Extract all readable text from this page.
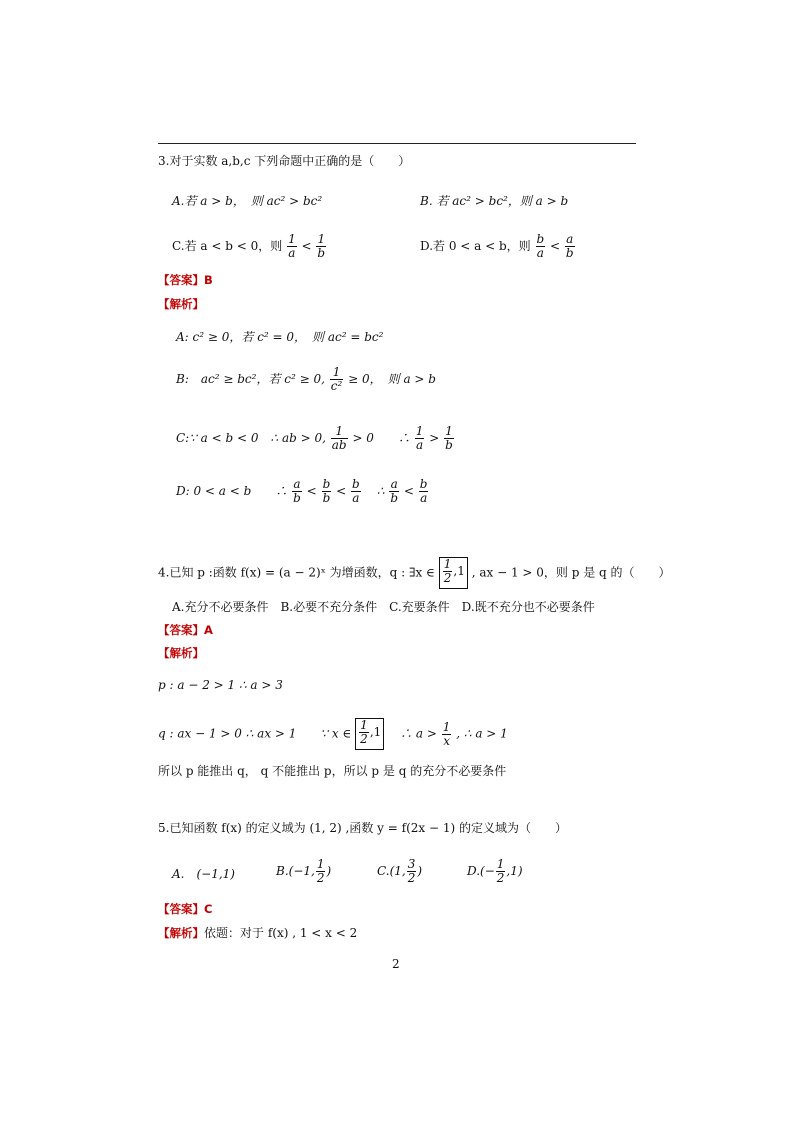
3.对于实数 a,b,c 下列命题中正确的是（　　）
A.若 a > b，　则 ac² > bc²	B. 若 ac² > bc²，则 a > b
C.若 a < b < 0，则 $\frac{1}{a} < \frac{1}{b}$	D.若 0 < a < b，则 $\frac{b}{a} < \frac{a}{b}$
【答案】B
【解析】
A: c² ≥ 0，若 c² = 0，　则 ac² = bc²
B:　ac² ≥ bc²，若 c² ≥ 0, $\frac{1}{\text{c²}} \ge 0$，　则 a > b
C:∵ a < b < 0　∴ ab > 0, $\frac{1}{ab} > 0$　　∴ $\frac{1}{a} > \frac{1}{b}$
D: 0 < a < b　　∴ $\frac{a}{b} < \frac{b}{b} < \frac{b}{a}$ ∴ $\frac{a}{b} < \frac{b}{a}$
4.已知 p :函数 f(x) = (a − 2)ˣ 为增函数，q : ∃x ∈ $\frac{1}{2} ,1$ , ax − 1 > 0，则 p 是 q 的（　　）
A.充分不必要条件　B.必要不充分条件　C.充要条件　D.既不充分也不必要条件
【答案】A
【解析】
p : a − 2 > 1 ∴ a > 3
q : ax − 1 > 0 ∴ ax > 1　　∵ x ∈ $\frac{1}{2} ,1$ 　∴ $a > \frac{1}{x}$ , ∴ a > 1
所以 p 能推出 q， q 不能推出 p，所以 p 是 q 的充分不必要条件
5.已知函数 f(x) 的定义域为 (1, 2) ,函数 y = f(2x − 1) 的定义域为（　　）
A.　(−1,1)	B.(−1, $\frac{1}{2}$ )	C.(1, $\frac{3}{2}$ )	$D.(- \frac{1}{2} ,1)$
【答案】C
【解析】依题：对于 f(x) , 1 < x < 2
2
